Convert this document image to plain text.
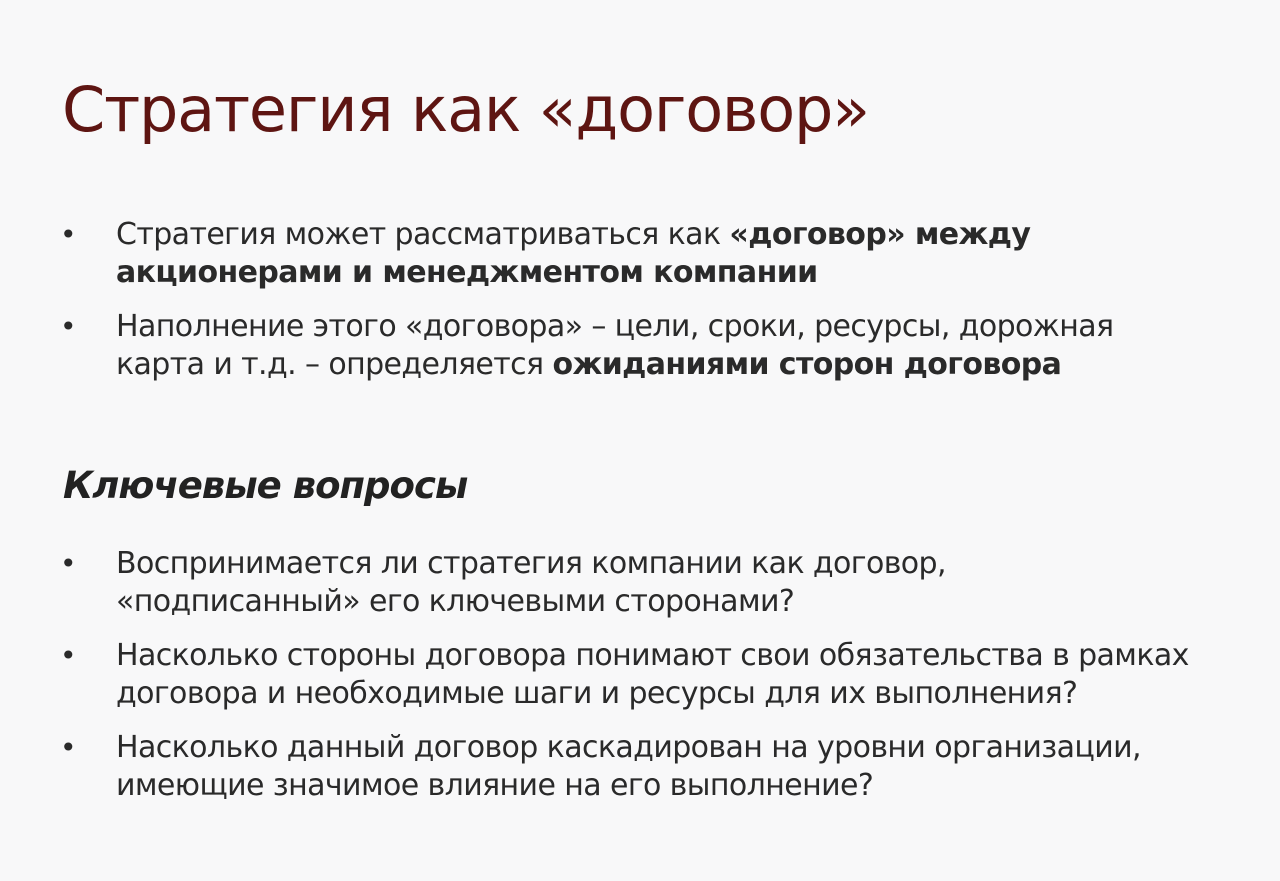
Стратегия как «договор»
• Стратегия может рассматриваться как «договор» между
акционерами и менеджментом компании
• Наполнение этого «договора» – цели, сроки, ресурсы, дорожная
карта и т.д. – определяется ожиданиями сторон договора
Ключевые вопросы
• Воспринимается ли стратегия компании как договор,
«подписанный» его ключевыми сторонами?
• Насколько стороны договора понимают свои обязательства в рамках
договора и необходимые шаги и ресурсы для их выполнения?
• Насколько данный договор каскадирован на уровни организации,
имеющие значимое влияние на его выполнение?
